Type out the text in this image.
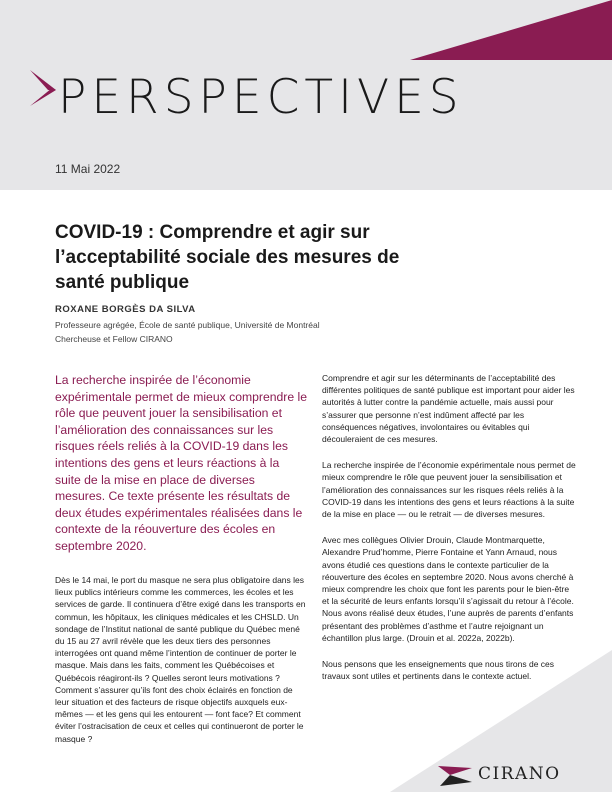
PERSPECTIVES
11 Mai 2022
COVID-19 : Comprendre et agir sur l’acceptabilité sociale des mesures de santé publique
ROXANE BORGÈS DA SILVA
Professeure agrégée, École de santé publique, Université de Montréal
Chercheuse et Fellow CIRANO

La recherche inspirée de l’économie expérimentale permet de mieux comprendre le rôle que peuvent jouer la sensibilisation et l’amélioration des connaissances sur les risques réels reliés à la COVID-19 dans les intentions des gens et leurs réactions à la suite de la mise en place de diverses mesures. Ce texte présente les résultats de deux études expérimentales réalisées dans le contexte de la réouverture des écoles en septembre 2020.

Dès le 14 mai, le port du masque ne sera plus obligatoire dans les lieux publics intérieurs comme les commerces, les écoles et les services de garde. Il continuera d’être exigé dans les transports en commun, les hôpitaux, les cliniques médicales et les CHSLD. Un sondage de l’Institut national de santé publique du Québec mené du 15 au 27 avril révèle que les deux tiers des personnes interrogées ont quand même l’intention de continuer de porter le masque. Mais dans les faits, comment les Québécoises et Québécois réagiront-ils ? Quelles seront leurs motivations ? Comment s’assurer qu’ils font des choix éclairés en fonction de leur situation et des facteurs de risque objectifs auxquels eux-mêmes — et les gens qui les entourent — font face? Et comment éviter l’ostracisation de ceux et celles qui continueront de porter le masque ?

Comprendre et agir sur les déterminants de l’acceptabilité des différentes politiques de santé publique est important pour aider les autorités à lutter contre la pandémie actuelle, mais aussi pour s’assurer que personne n’est indûment affecté par les conséquences négatives, involontaires ou évitables qui découleraient de ces mesures.

La recherche inspirée de l’économie expérimentale nous permet de mieux comprendre le rôle que peuvent jouer la sensibilisation et l’amélioration des connaissances sur les risques réels reliés à la COVID-19 dans les intentions des gens et leurs réactions à la suite de la mise en place — ou le retrait — de diverses mesures.

Avec mes collègues Olivier Drouin, Claude Montmarquette, Alexandre Prud’homme, Pierre Fontaine et Yann Arnaud, nous avons étudié ces questions dans le contexte particulier de la réouverture des écoles en septembre 2020. Nous avons cherché à mieux comprendre les choix que font les parents pour le bien-être et la sécurité de leurs enfants lorsqu’il s’agissait du retour à l’école. Nous avons réalisé deux études, l’une auprès de parents d’enfants présentant des problèmes d’asthme et l’autre rejoignant un échantillon plus large. (Drouin et al. 2022a, 2022b).

Nous pensons que les enseignements que nous tirons de ces travaux sont utiles et pertinents dans le contexte actuel.

CIRANO
